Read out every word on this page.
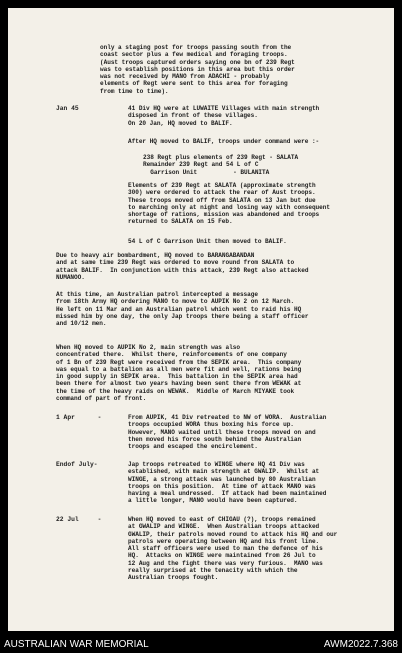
only a staging post for troops passing south from the
coast sector plus a few medical and foraging troops.
(Aust troops captured orders saying one bn of 239 Regt
was to establish positions in this area but this order
was not received by MANO from ADACHI - probably
elements of Regt were sent to this area for foraging
from time to time).
Jan 45	41 Div HQ were at LUWAITE Villages with main strength
disposed in front of these villages.
On 20 Jan, HQ moved to BALIF.
After HQ moved to BALIF, troops under command were :-
238 Regt plus elements of 239 Regt - SALATA
Remainder 239 Regt and 54 L of C
Garrison Unit          - BULANITA
Elements of 239 Regt at SALATA (approximate strength
300) were ordered to attack the rear of Aust troops.
These troops moved off from SALATA on 13 Jan but due
to marching only at night and losing way with consequent
shortage of rations, mission was abandoned and troops
returned to SALATA on 15 Feb.
54 L of C Garrison Unit then moved to BALIF.
Due to heavy air bombardment, HQ moved to BARANGABANDAN
and at same time 239 Regt was ordered to move round from SALATA to
attack BALIF.  In conjunction with this attack, 239 Regt also attacked
NUMANOO.
At this time, an Australian patrol intercepted a message
from 18th Army HQ ordering MANO to move to AUPIK No 2 on 12 March.
He left on 11 Mar and an Australian patrol which went to raid his HQ
missed him by one day, the only Jap troops there being a staff officer
and 10/12 men.
When HQ moved to AUPIK No 2, main strength was also
concentrated there.  Whilst there, reinforcements of one company
of 1 Bn of 239 Regt were received from the SEPIK area.  This company
was equal to a battalion as all men were fit and well, rations being
in good supply in SEPIK area.  This battalion in the SEPIK area had
been there for almost two years having been sent there from WEWAK at
the time of the heavy raids on WEWAK.  Middle of March MIYAKE took
command of part of front.
1 Apr      -	From AUPIK, 41 Div retreated to NW of WORA.  Australian
troops occupied WORA thus boxing his force up.
However, MANO waited until these troops moved on and
then moved his force south behind the Australian
troops and escaped the encirclement.
Endof July-	Jap troops retreated to WINGE where HQ 41 Div was
established, with main strength at GWALIP.  Whilst at
WINGE, a strong attack was launched by 80 Australian
troops on this position.  At time of attack MANO was
having a meal undressed.  If attack had been maintained
a little longer, MANO would have been captured.
22 Jul     -	When HQ moved to east of CHIGAU (?), troops remained
at GWALIP and WINGE.  When Australian troops attacked
GWALIP, their patrols moved round to attack his HQ and our
patrols were operating between HQ and his front line.
All staff officers were used to man the defence of his
HQ.  Attacks on WINGE were maintained from 26 Jul to
12 Aug and the fight there was very furious.  MANO was
really surprised at the tenacity with which the
Australian troops fought.
AUSTRALIAN WAR MEMORIAL	AWM2022.7.368
